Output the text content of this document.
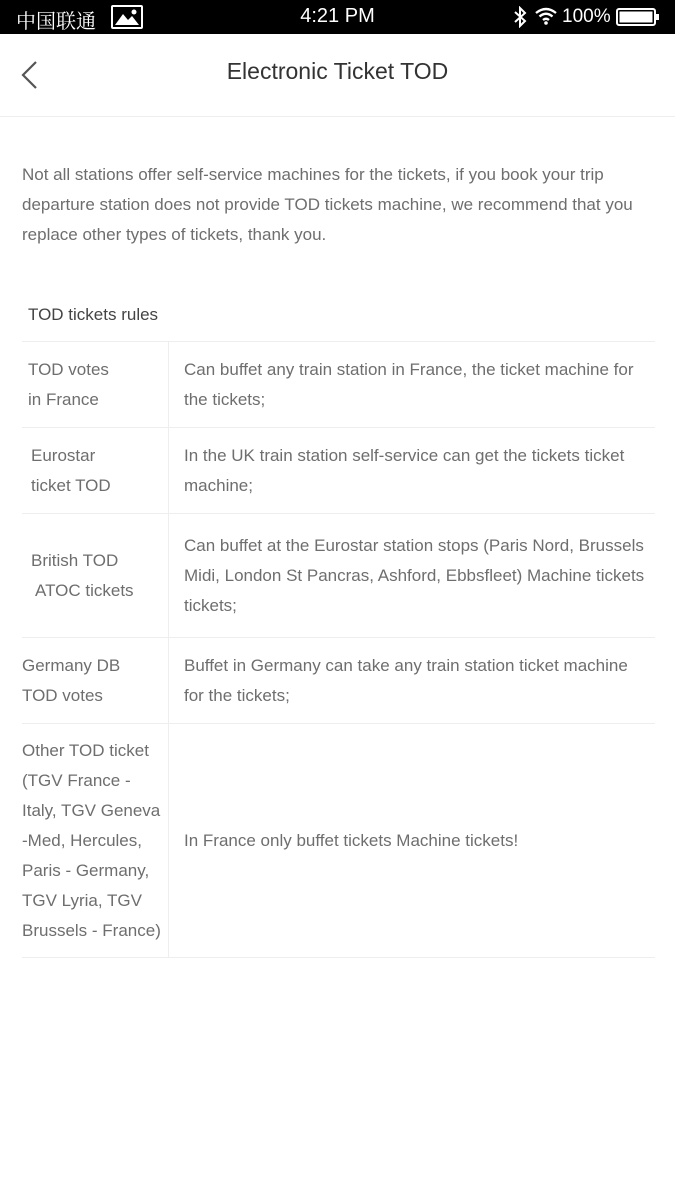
中国联通	4:21 PM	100%
Electronic Ticket TOD

Not all stations offer self-service machines for the tickets, if you book your trip departure station does not provide TOD tickets machine, we recommend that you replace other types of tickets, thank you.

TOD tickets rules
TOD votes
in France
Can buffet any train station in France, the ticket machine for the tickets;
Eurostar
ticket TOD
In the UK train station self-service can get the tickets ticket machine;
British TOD
ATOC tickets
Can buffet at the Eurostar station stops (Paris Nord, Brussels Midi, London St Pancras, Ashford, Ebbsfleet) Machine tickets tickets;
Germany DB
TOD votes
Buffet in Germany can take any train station ticket machine for the tickets;
Other TOD ticket
(TGV France -
Italy, TGV Geneva
-Med, Hercules,
Paris - Germany,
TGV Lyria, TGV
Brussels - France)
In France only buffet tickets Machine tickets!
